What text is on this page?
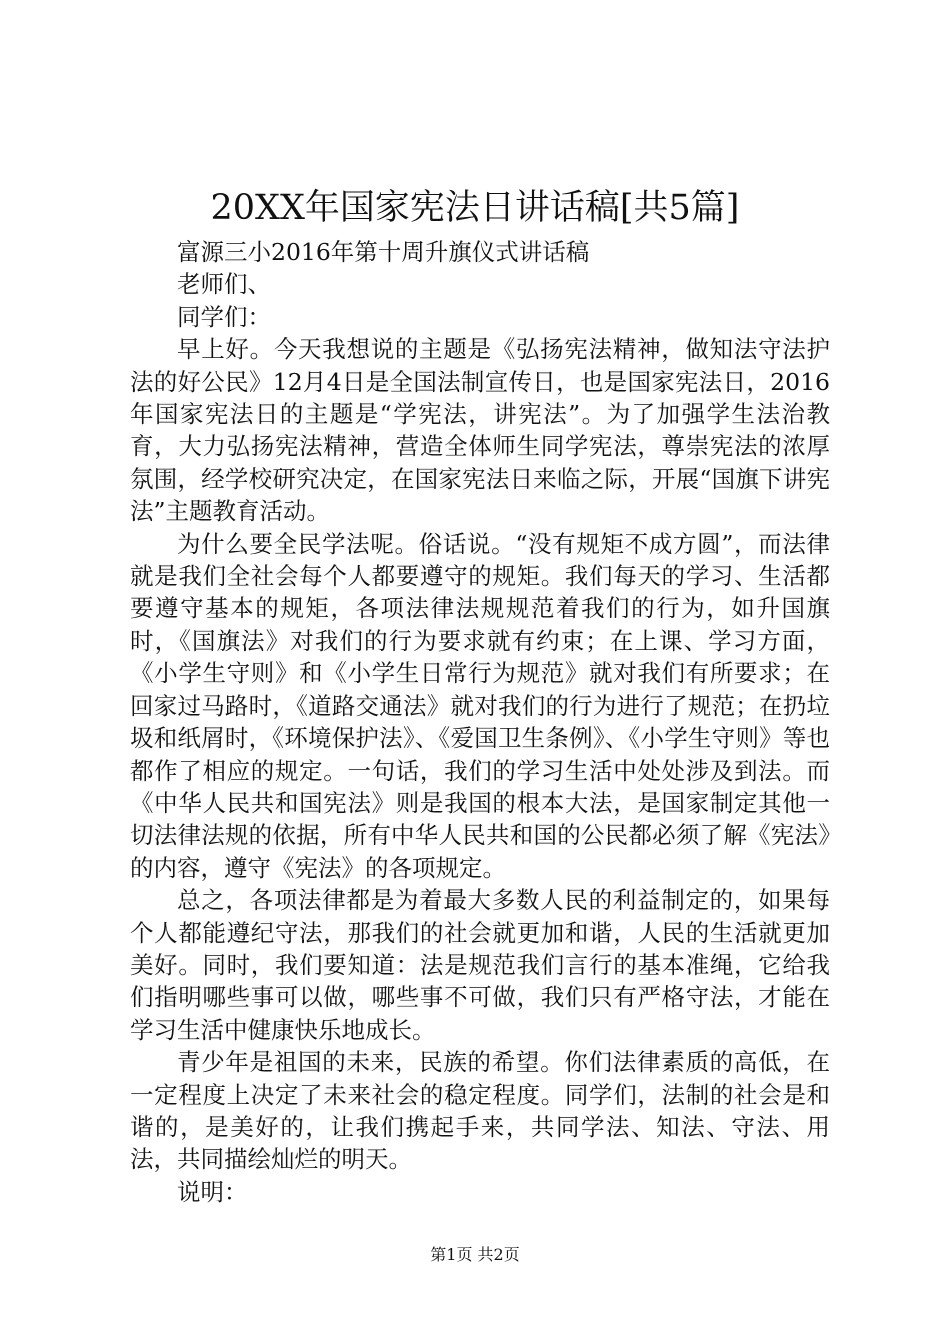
20XX年国家宪法日讲话稿[共5篇]

富源三小2016年第十周升旗仪式讲话稿

老师们、

同学们：

早上好。今天我想说的主题是《弘扬宪法精神，做知法守法护法的好公民》12月4日是全国法制宣传日，也是国家宪法日，2016年国家宪法日的主题是“学宪法，讲宪法”。为了加强学生法治教育，大力弘扬宪法精神，营造全体师生同学宪法，尊崇宪法的浓厚氛围，经学校研究决定，在国家宪法日来临之际，开展“国旗下讲宪法”主题教育活动。

为什么要全民学法呢。俗话说。“没有规矩不成方圆”，而法律就是我们全社会每个人都要遵守的规矩。我们每天的学习、生活都要遵守基本的规矩，各项法律法规规范着我们的行为，如升国旗时，《国旗法》对我们的行为要求就有约束；在上课、学习方面，《小学生守则》和《小学生日常行为规范》就对我们有所要求；在回家过马路时，《道路交通法》就对我们的行为进行了规范；在扔垃圾和纸屑时，《环境保护法》、《爱国卫生条例》、《小学生守则》等也都作了相应的规定。一句话，我们的学习生活中处处涉及到法。而《中华人民共和国宪法》则是我国的根本大法，是国家制定其他一切法律法规的依据，所有中华人民共和国的公民都必须了解《宪法》的内容，遵守《宪法》的各项规定。

总之，各项法律都是为着最大多数人民的利益制定的，如果每个人都能遵纪守法，那我们的社会就更加和谐，人民的生活就更加美好。同时，我们要知道：法是规范我们言行的基本准绳，它给我们指明哪些事可以做，哪些事不可做，我们只有严格守法，才能在学习生活中健康快乐地成长。

青少年是祖国的未来，民族的希望。你们法律素质的高低，在一定程度上决定了未来社会的稳定程度。同学们，法制的社会是和谐的，是美好的，让我们携起手来，共同学法、知法、守法、用法，共同描绘灿烂的明天。

说明：

第1页 共2页
